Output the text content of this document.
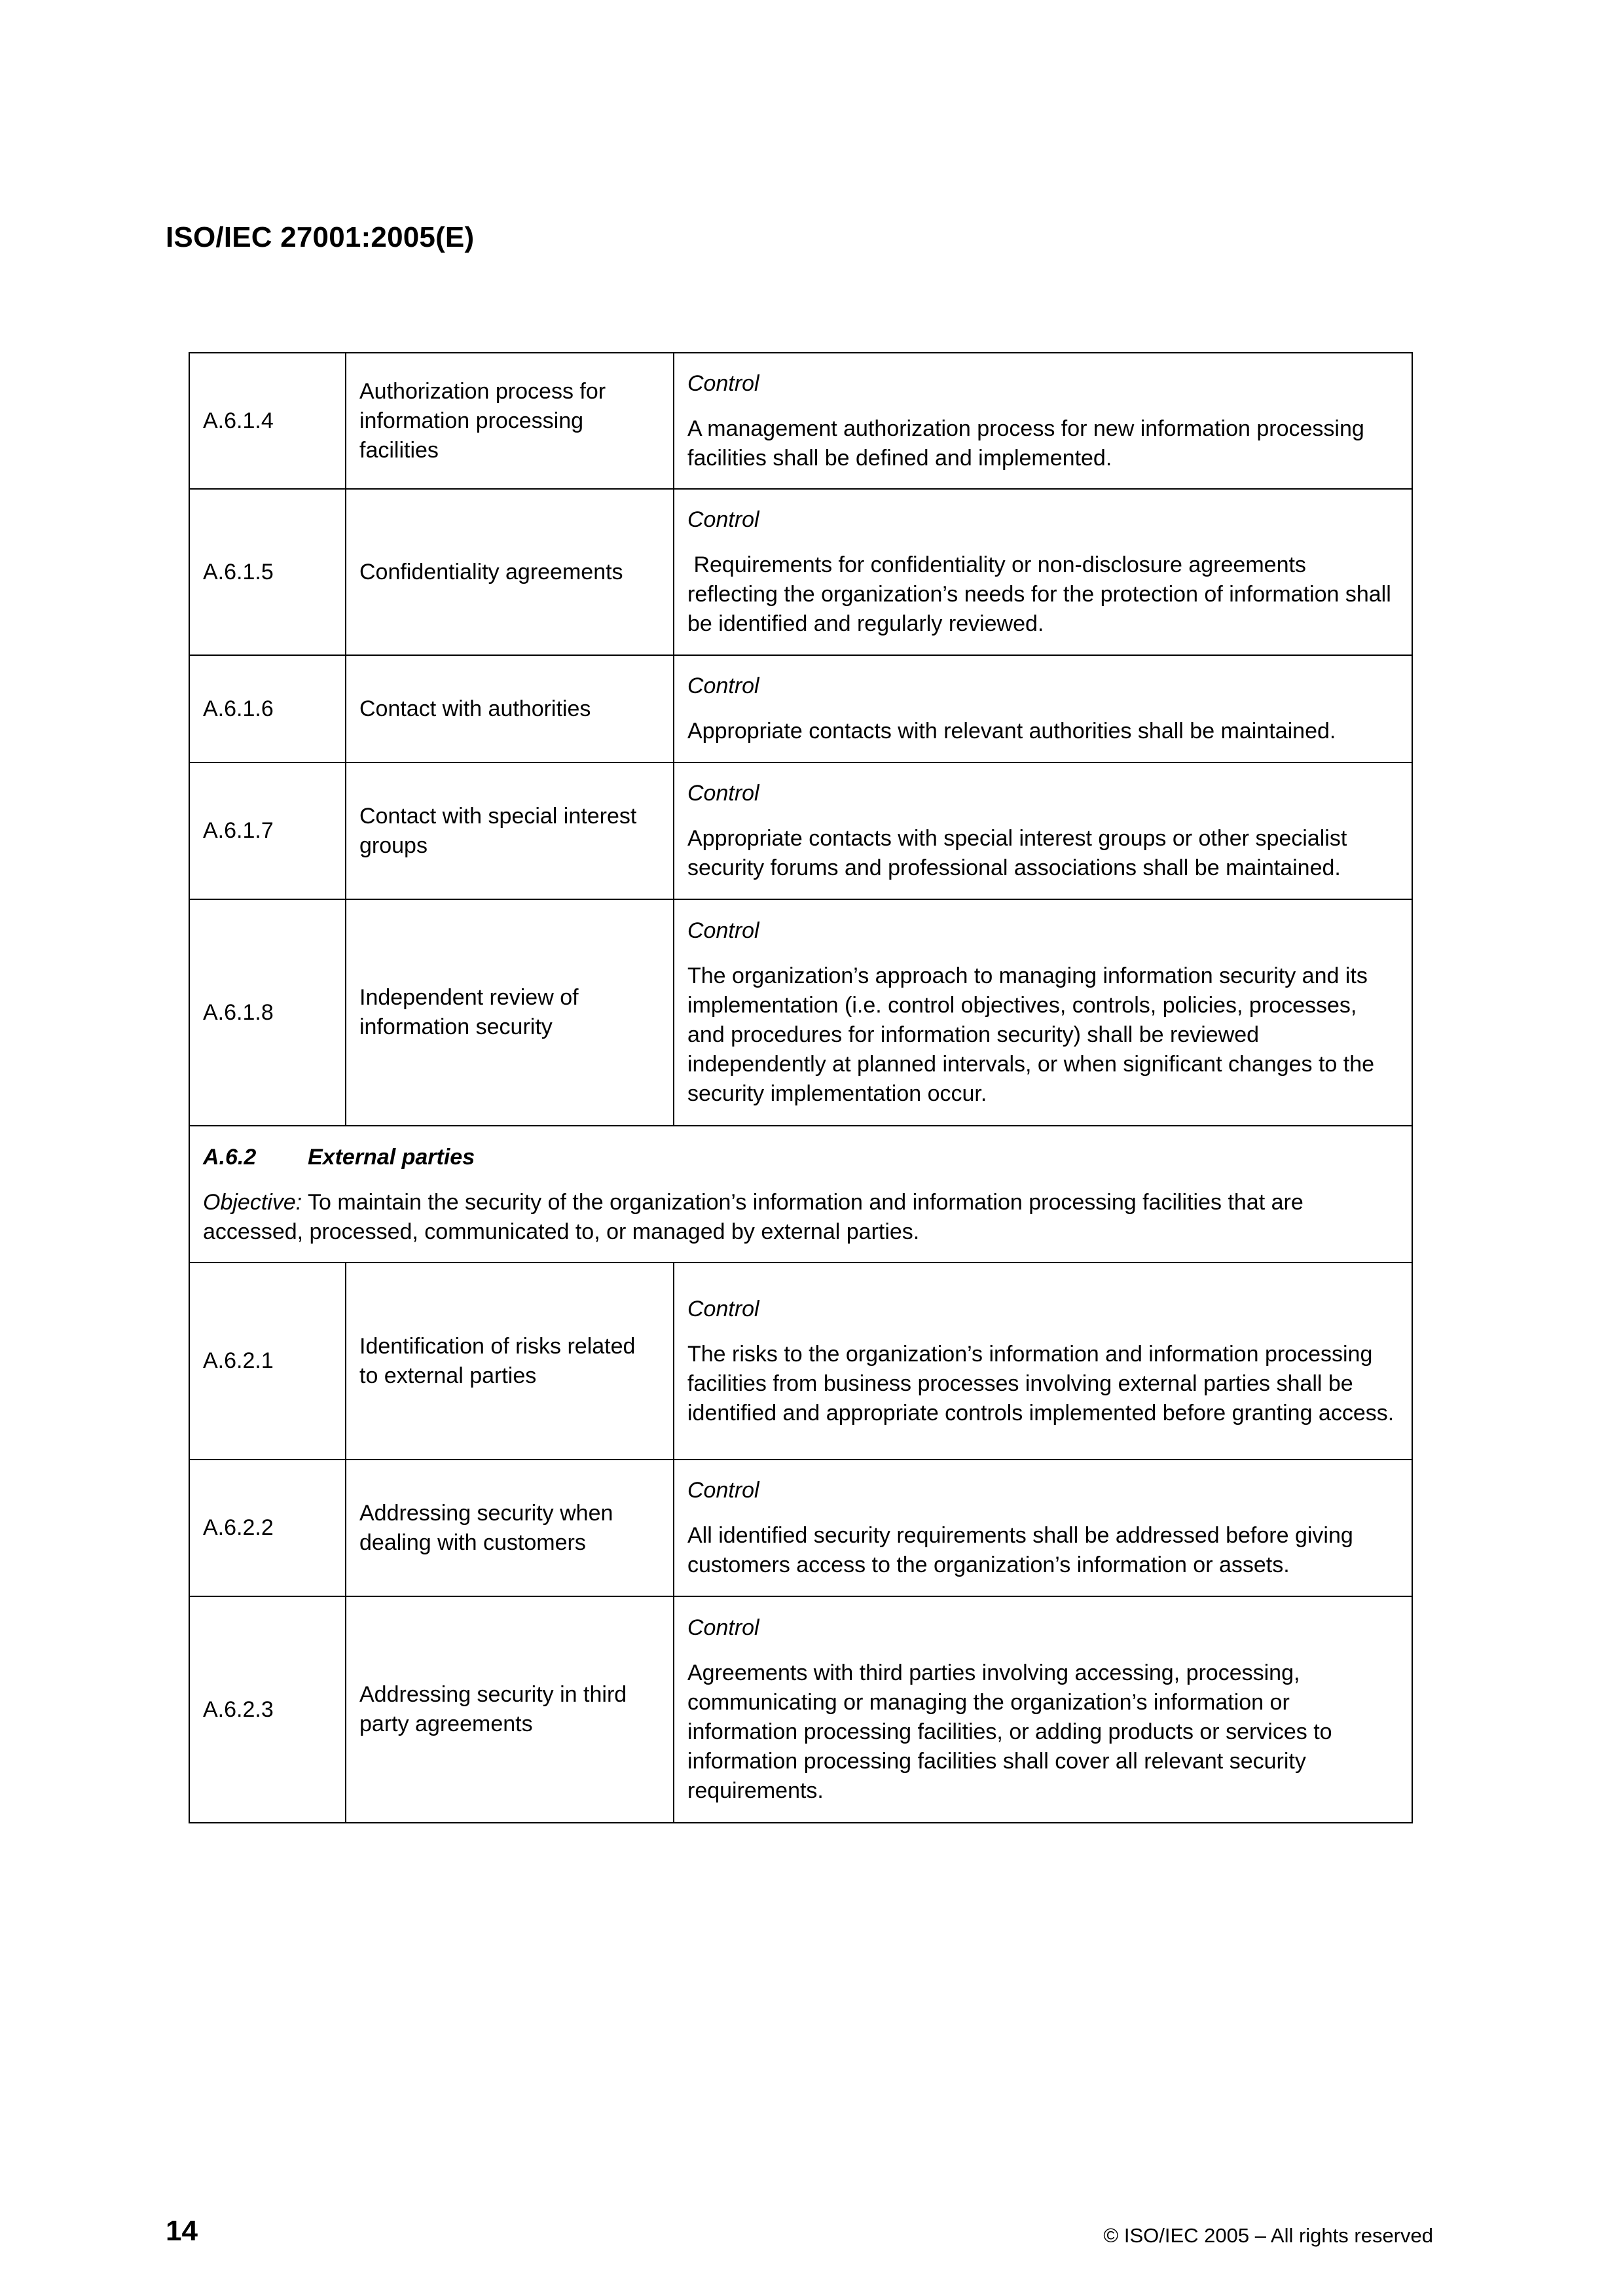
ISO/IEC 27001:2005(E)
A.6.1.4	Authorization process for information processing facilities	Control
A management authorization process for new information processing facilities shall be defined and implemented.

A.6.1.5	Confidentiality agreements	Control
Requirements for confidentiality or non-disclosure agreements reflecting the organization’s needs for the protection of information shall be identified and regularly reviewed.

A.6.1.6	Contact with authorities	Control
Appropriate contacts with relevant authorities shall be maintained.

A.6.1.7	Contact with special interest groups	Control
Appropriate contacts with special interest groups or other specialist security forums and professional associations shall be maintained.

A.6.1.8	Independent review of information security	Control
The organization’s approach to managing information security and its implementation (i.e. control objectives, controls, policies, processes, and procedures for information security) shall be reviewed independently at planned intervals, or when significant changes to the security implementation occur.

A.6.2 External parties
Objective: To maintain the security of the organization’s information and information processing facilities that are accessed, processed, communicated to, or managed by external parties.		
A.6.2.1	Identification of risks related to external parties	Control
The risks to the organization’s information and information processing facilities from business processes involving external parties shall be identified and appropriate controls implemented before granting access.

A.6.2.2	Addressing security when dealing with customers	Control
All identified security requirements shall be addressed before giving customers access to the organization’s information or assets.

A.6.2.3	Addressing security in third party agreements	Control
Agreements with third parties involving accessing, processing, communicating or managing the organization’s information or information processing facilities, or adding products or services to information processing facilities shall cover all relevant security requirements.
14	© ISO/IEC 2005 – All rights reserved
